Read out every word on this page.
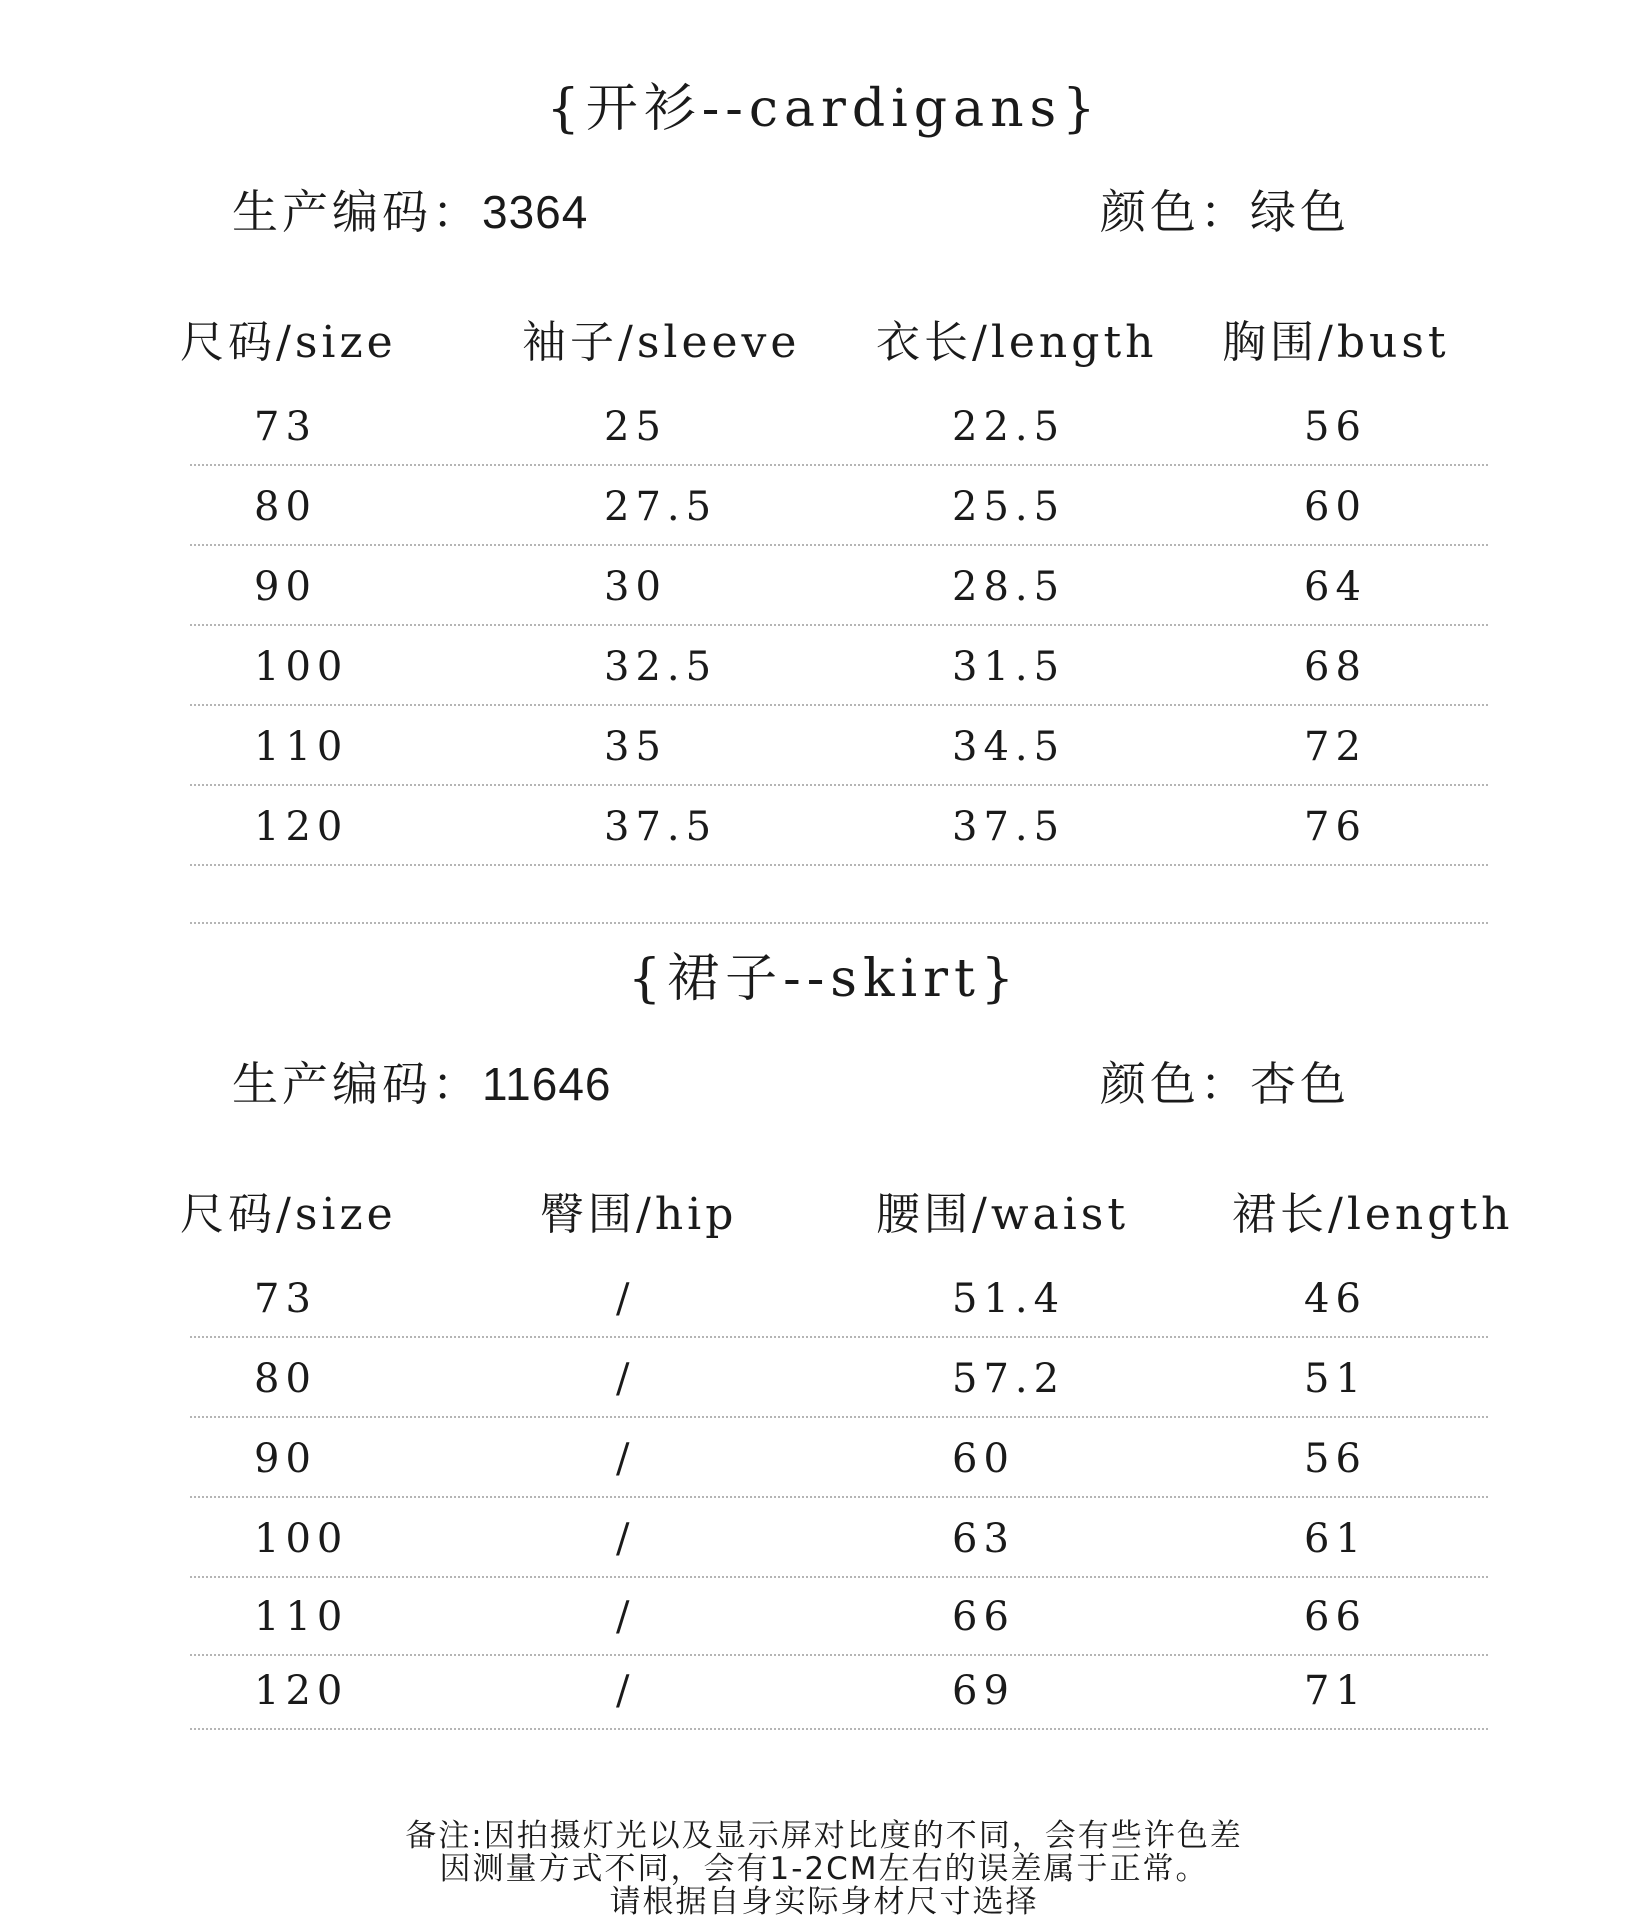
{开衫--cardigans}
生产编码：3364	颜色：绿色
尺码/size	袖子/sleeve 衣长/length 胸围/bust
73	25	22.5	56
80	27.5	25.5	60
90	30	28.5	64
100	32.5	31.5	68
110	35	34.5	72
120	37.5	37.5	76
{裙子--skirt}
生产编码：11646	颜色：杏色
尺码/size	臀围/hip	腰围/waist 裙长/length
73	/	51.4	46
80	/	57.2	51
90	/	60	56
100	/	63	61
110	/	66	66
120	/	69	71
备注:因拍摄灯光以及显示屏对比度的不同，会有些许色差
因测量方式不同，会有1-2CM左右的误差属于正常。
请根据自身实际身材尺寸选择
